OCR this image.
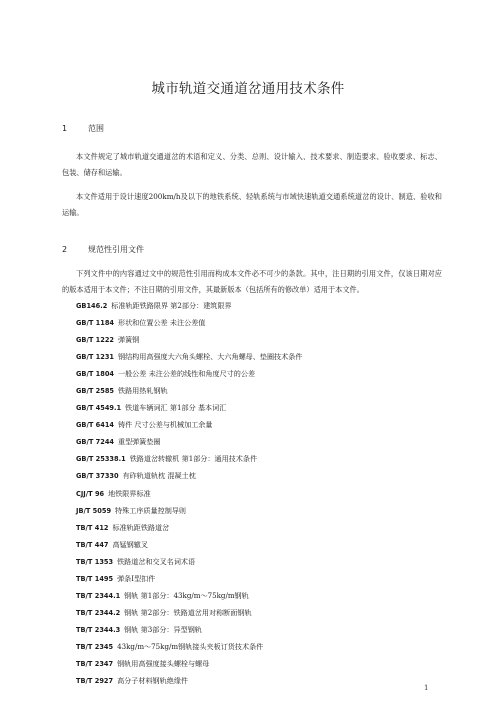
城市轨道交通道岔通用技术条件
1	范围

本文件规定了城市轨道交通道岔的术语和定义、分类、总则、设计输入、技术要求、制造要求、验收要求、标志、包装、储存和运输。

本文件适用于设计速度200km/h及以下的地铁系统、轻轨系统与市域快速轨道交通系统道岔的设计、制造、验收和运输。

2	规范性引用文件

下列文件中的内容通过文中的规范性引用而构成本文件必不可少的条款。其中，注日期的引用文件，仅该日期对应的版本适用于本文件；不注日期的引用文件，其最新版本（包括所有的修改单）适用于本文件。

GB146.2 标准轨距铁路限界 第2部分：建筑限界
GB/T 1184 形状和位置公差 未注公差值
GB/T 1222 弹簧钢
GB/T 1231 钢结构用高强度大六角头螺栓、大六角螺母、垫圈技术条件
GB/T 1804 一般公差 未注公差的线性和角度尺寸的公差
GB/T 2585 铁路用热轧钢轨
GB/T 4549.1 铁道车辆词汇 第1部分 基本词汇
GB/T 6414 铸件 尺寸公差与机械加工余量
GB/T 7244 重型弹簧垫圈
GB/T 25338.1 铁路道岔转辙机 第1部分：通用技术条件
GB/T 37330 有砟轨道轨枕 混凝土枕
CJJ/T 96 地铁限界标准
JB/T 5059 特殊工序质量控制导则
TB/T 412 标准轨距铁路道岔
TB/T 447 高锰钢辙叉
TB/T 1353 铁路道岔和交叉名词术语
TB/T 1495 弹条Ⅰ型扣件
TB/T 2344.1 钢轨 第1部分：43kg/m～75kg/m钢轨
TB/T 2344.2 钢轨 第2部分：铁路道岔用对称断面钢轨
TB/T 2344.3 钢轨 第3部分：异型钢轨
TB/T 2345 43kg/m～75kg/m钢轨接头夹板订货技术条件
TB/T 2347 钢轨用高强度接头螺栓与螺母
TB/T 2927 高分子材料钢轨绝缘件
1
